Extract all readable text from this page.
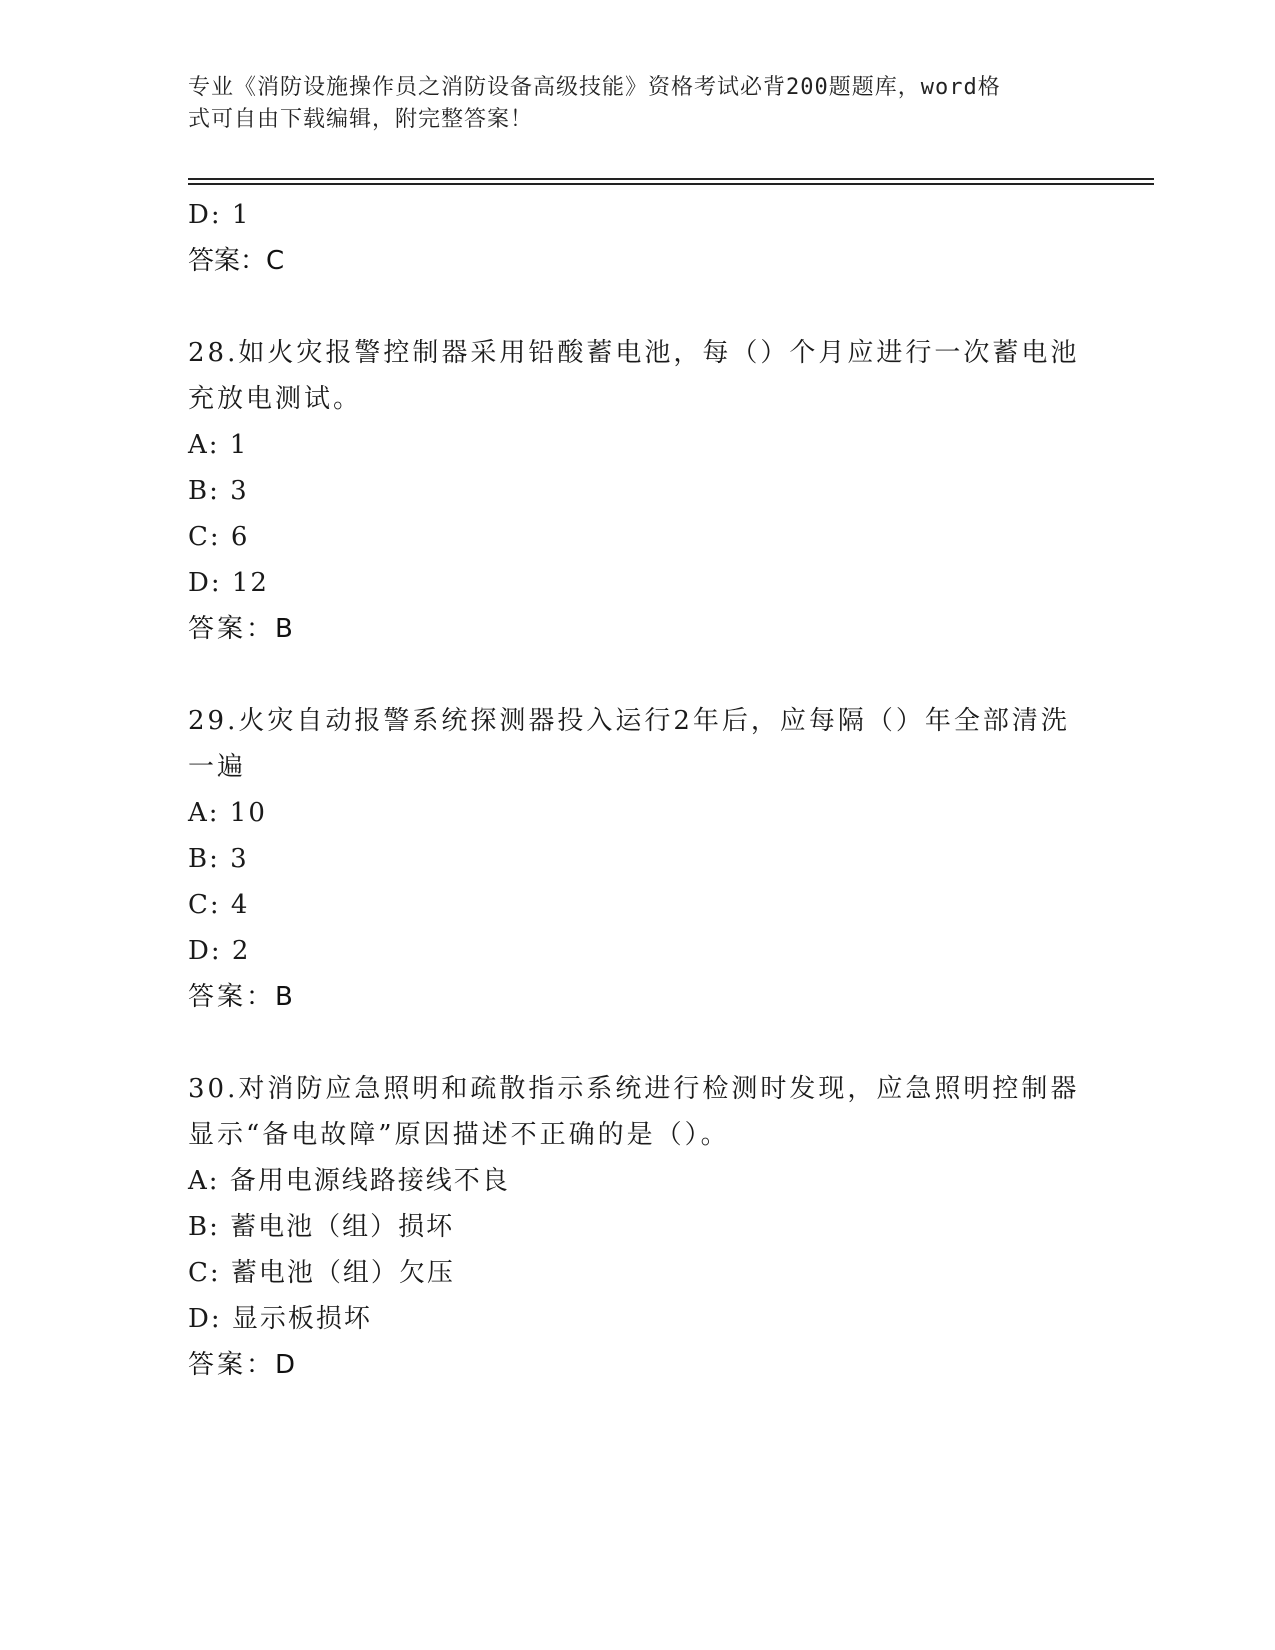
专业《消防设施操作员之消防设备高级技能》资格考试必背200题题库，word格
式可自由下载编辑，附完整答案！
D: 1
答案：C
28.如火灾报警控制器采用铅酸蓄电池，每（）个月应进行一次蓄电池
充放电测试。
A: 1
B: 3
C: 6
D: 12
答案：B
29.火灾自动报警系统探测器投入运行2年后，应每隔（）年全部清洗
一遍
A: 10
B: 3
C: 4
D: 2
答案：B
30.对消防应急照明和疏散指示系统进行检测时发现，应急照明控制器
显示“备电故障”原因描述不正确的是（）。
A: 备用电源线路接线不良
B: 蓄电池（组）损坏
C: 蓄电池（组）欠压
D: 显示板损坏
答案：D
